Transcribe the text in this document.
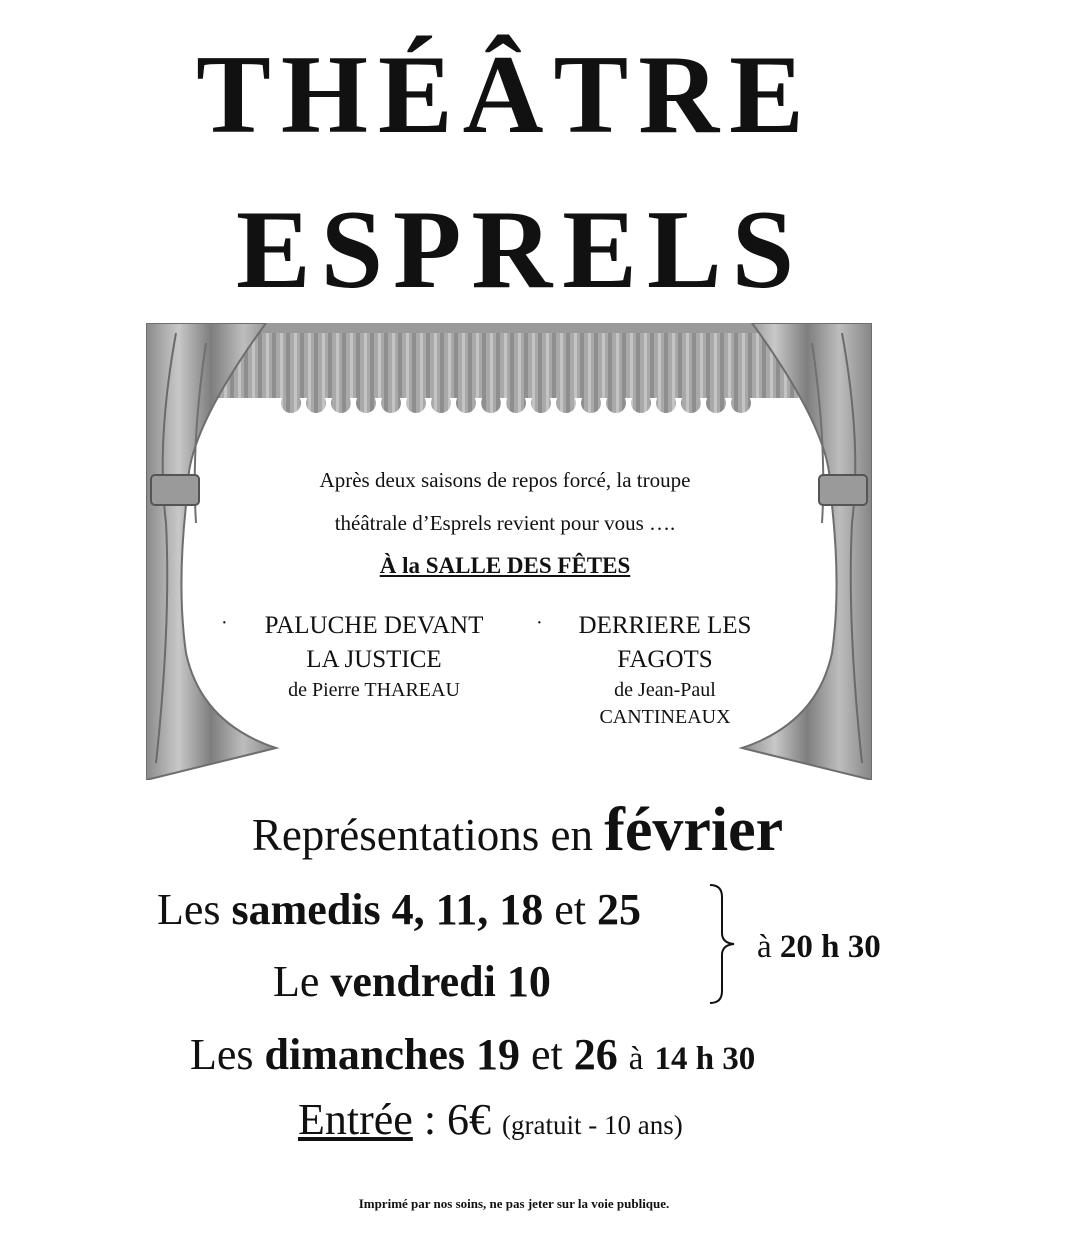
THÉÂTRE
ESPRELS
Après deux saisons de repos forcé, la troupe
théâtrale d’Esprels revient pour vous ….
À la SALLE DES FÊTES
·	PALUCHE DEVANT
LA JUSTICE
de Pierre THAREAU
·	DERRIERE LES
FAGOTS
de Jean-Paul
CANTINEAUX
Représentations en février
Les samedis 4, 11, 18 et 25
Le vendredi 10
à 20 h 30
Les dimanches 19 et 26 à 14 h 30
Entrée : 6€ (gratuit - 10 ans)
Imprimé par nos soins, ne pas jeter sur la voie publique.
